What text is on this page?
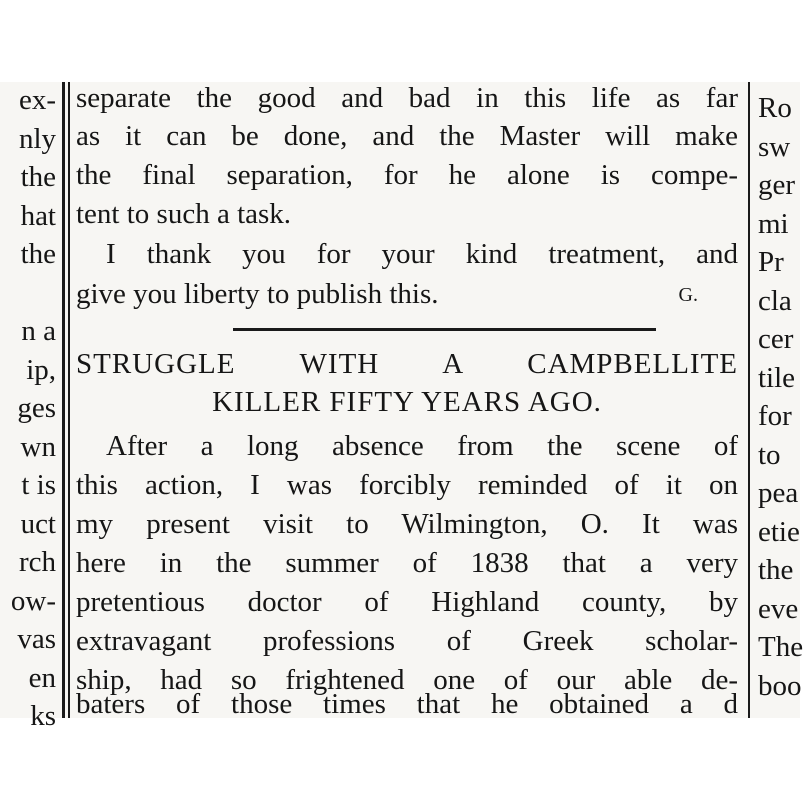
ex-
nly
the
hat
the
n a
ip,
ges
wn
t is
uct
rch
ow-
vas
en
ks
separate the good and bad in this life as far
as it can be done, and the Master will make
the final separation, for he alone is compe-
tent to such a task.
I thank you for your kind treatment, and
give you liberty to publish this.	G.
STRUGGLE WITH A CAMPBELLITE
KILLER FIFTY YEARS AGO.
After a long absence from the scene of
this action, I was forcibly reminded of it on
my present visit to Wilmington, O. It was
here in the summer of 1838 that a very
pretentious doctor of Highland county, by
extravagant professions of Greek scholar-
ship, had so frightened one of our able de-
baters of those times that he obtained a d
Ro
sw
ger
mi
Pr
cla
cer
tile
for
to
pea
etie
the
eve
The
boo
